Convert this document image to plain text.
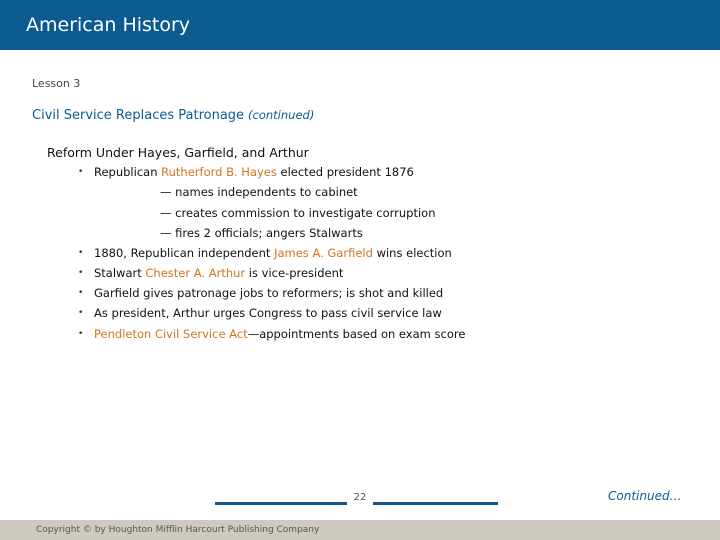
American History
Lesson 3
Civil Service Replaces Patronage (continued)
Reform Under Hayes, Garfield, and Arthur
• Republican Rutherford B. Hayes elected president 1876
— names independents to cabinet
— creates commission to investigate corruption
— fires 2 officials; angers Stalwarts
• 1880, Republican independent James A. Garfield wins election
• Stalwart Chester A. Arthur is vice-president
• Garfield gives patronage jobs to reformers; is shot and killed
• As president, Arthur urges Congress to pass civil service law
• Pendleton Civil Service Act—appointments based on exam score
22	Continued…
Copyright © by Houghton Mifflin Harcourt Publishing Company
